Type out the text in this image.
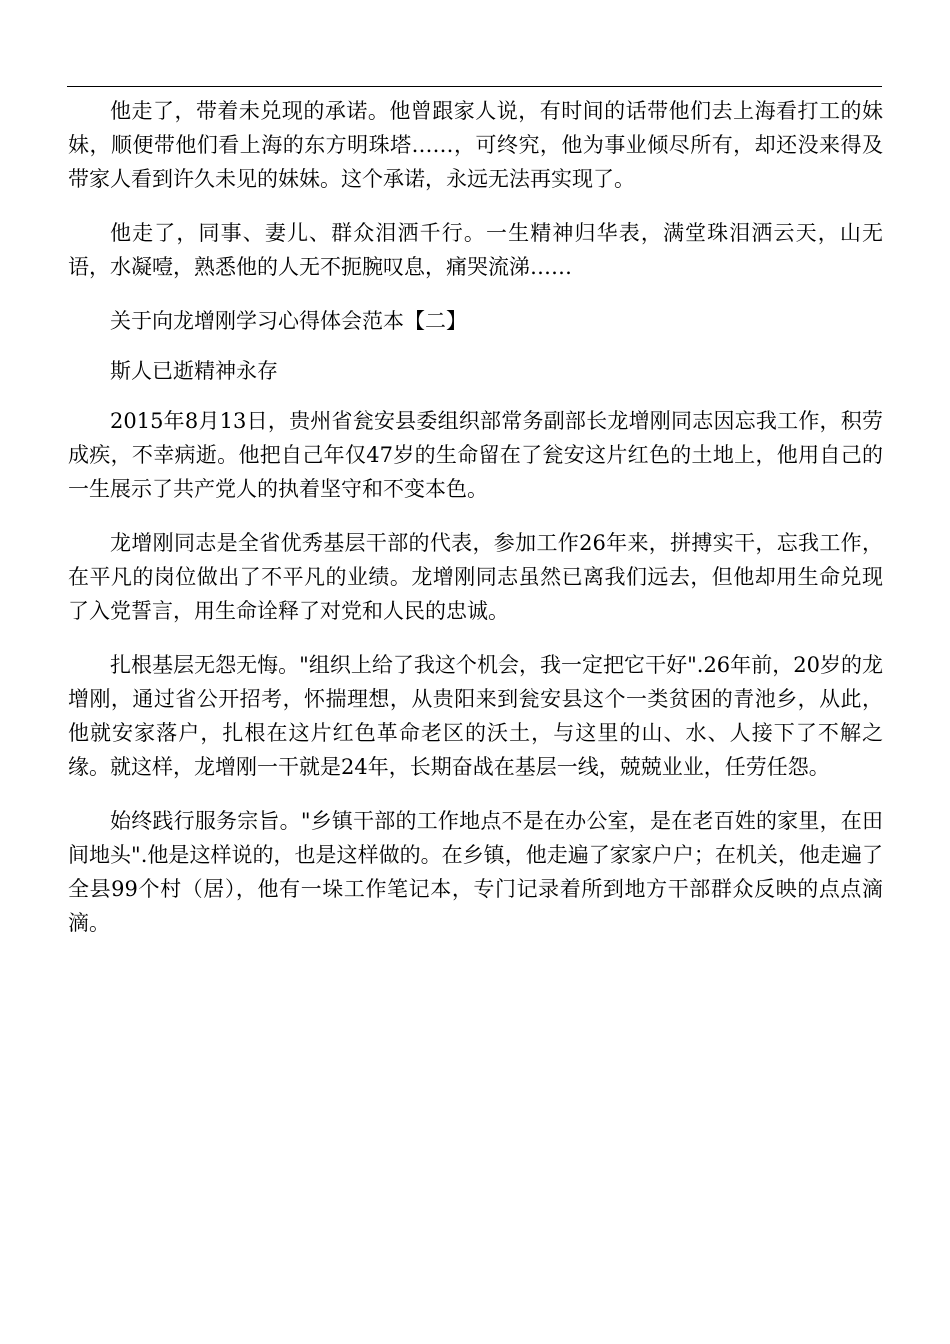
他走了，带着未兑现的承诺。他曾跟家人说，有时间的话带他们去上海看打工的妹妹，顺便带他们看上海的东方明珠塔……，可终究，他为事业倾尽所有，却还没来得及带家人看到许久未见的妹妹。这个承诺，永远无法再实现了。

他走了，同事、妻儿、群众泪洒千行。一生精神归华表，满堂珠泪洒云天，山无语，水凝噎，熟悉他的人无不扼腕叹息，痛哭流涕……

关于向龙增刚学习心得体会范本【二】

斯人已逝精神永存

2015年8月13日，贵州省瓮安县委组织部常务副部长龙增刚同志因忘我工作，积劳成疾，不幸病逝。他把自己年仅47岁的生命留在了瓮安这片红色的土地上，他用自己的一生展示了共产党人的执着坚守和不变本色。

龙增刚同志是全省优秀基层干部的代表，参加工作26年来，拼搏实干，忘我工作，在平凡的岗位做出了不平凡的业绩。龙增刚同志虽然已离我们远去，但他却用生命兑现了入党誓言，用生命诠释了对党和人民的忠诚。

扎根基层无怨无悔。"组织上给了我这个机会，我一定把它干好".26年前，20岁的龙增刚，通过省公开招考，怀揣理想，从贵阳来到瓮安县这个一类贫困的青池乡，从此，他就安家落户，扎根在这片红色革命老区的沃土，与这里的山、水、人接下了不解之缘。就这样，龙增刚一干就是24年，长期奋战在基层一线，兢兢业业，任劳任怨。

始终践行服务宗旨。"乡镇干部的工作地点不是在办公室，是在老百姓的家里，在田间地头".他是这样说的，也是这样做的。在乡镇，他走遍了家家户户；在机关，他走遍了全县99个村（居），他有一垛工作笔记本，专门记录着所到地方干部群众反映的点点滴滴。
